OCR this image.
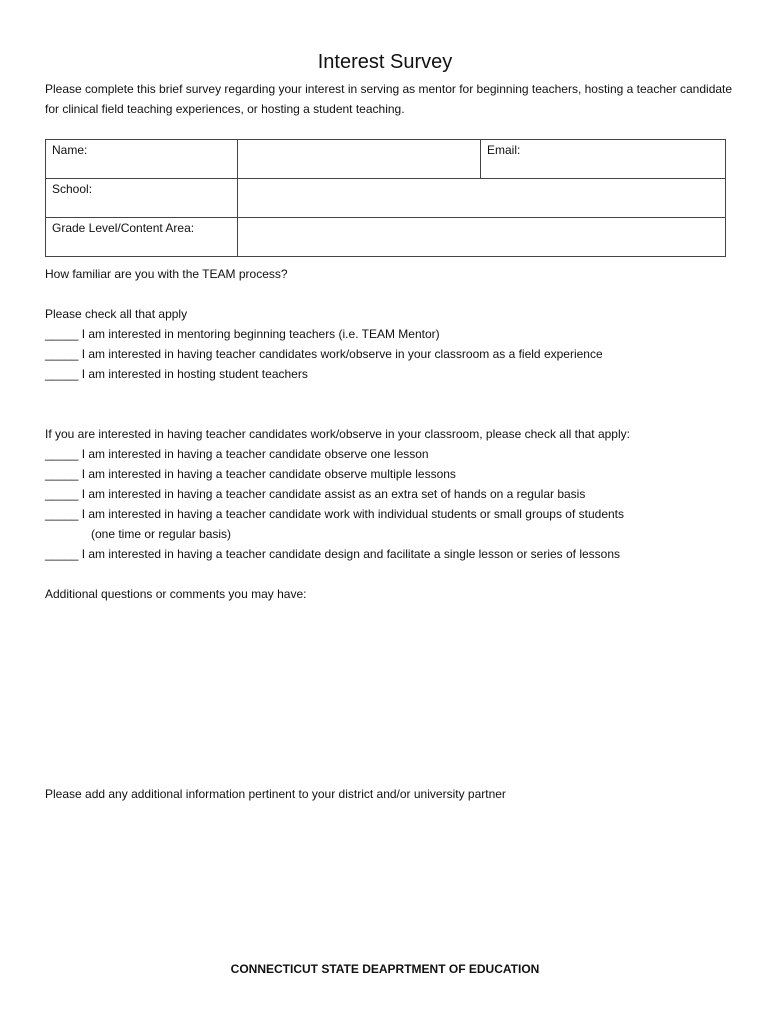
Interest Survey
Please complete this brief survey regarding your interest in serving as mentor for beginning teachers, hosting a teacher candidate for clinical field teaching experiences, or hosting a student teaching.
Name:		Email:
School:		
Grade Level/Content Area:		
How familiar are you with the TEAM process?
Please check all that apply
_____ I am interested in mentoring beginning teachers (i.e. TEAM Mentor)
_____ I am interested in having teacher candidates work/observe in your classroom as a field experience
_____ I am interested in hosting student teachers
If you are interested in having teacher candidates work/observe in your classroom, please check all that apply:
_____ I am interested in having a teacher candidate observe one lesson
_____ I am interested in having a teacher candidate observe multiple lessons
_____ I am interested in having a teacher candidate assist as an extra set of hands on a regular basis
_____ I am interested in having a teacher candidate work with individual students or small groups of students
(one time or regular basis)
_____ I am interested in having a teacher candidate design and facilitate a single lesson or series of lessons
Additional questions or comments you may have:
Please add any additional information pertinent to your district and/or university partner
CONNECTICUT STATE DEAPRTMENT OF EDUCATION
